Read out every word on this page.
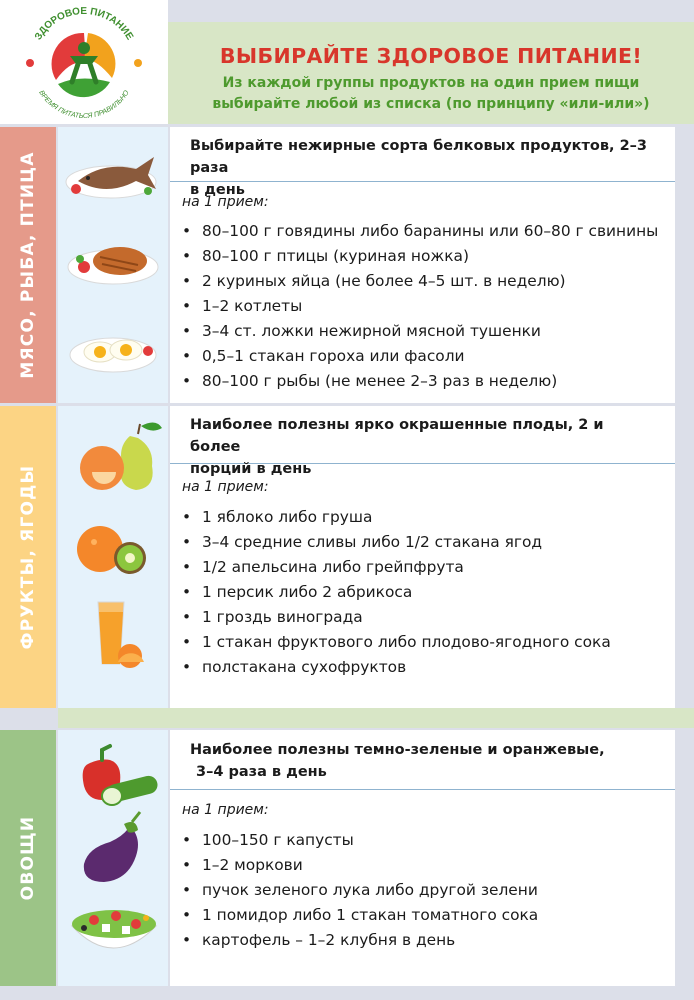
ЗДОРОВОЕ ПИТАНИЕ
ВРЕМЯ ПИТАТЬСЯ ПРАВИЛЬНО
ВЫБИРАЙТЕ ЗДОРОВОЕ ПИТАНИЕ!
Из каждой группы продуктов на один прием пищи
выбирайте любой из списка (по принципу «или-или»)
МЯСО, РЫБА, ПТИЦА
Выбирайте нежирные сорта белковых продуктов, 2–3 раза
в день
на 1 прием:
• 80–100 г говядины либо баранины или 60–80 г свинины
• 80–100 г птицы (куриная ножка)
• 2 куриных яйца (не более 4–5 шт. в неделю)
• 1–2 котлеты
• 3–4 ст. ложки нежирной мясной тушенки
• 0,5–1 стакан гороха или фасоли
• 80–100 г рыбы (не менее 2–3 раз в неделю)
ФРУКТЫ, ЯГОДЫ
Наиболее полезны ярко окрашенные плоды, 2 и более
порций в день
на 1 прием:
• 1 яблоко либо груша
• 3–4 средние сливы либо 1/2 стакана ягод
• 1/2 апельсина либо грейпфрута
• 1 персик либо 2 абрикоса
• 1 гроздь винограда
• 1 стакан фруктового либо плодово-ягодного сока
• полстакана сухофруктов
ОВОЩИ
Наиболее полезны темно-зеленые и оранжевые,
3–4 раза в день
на 1 прием:
• 100–150 г капусты
• 1–2 моркови
• пучок зеленого лука либо другой зелени
• 1 помидор либо 1 стакан томатного сока
• картофель – 1–2 клубня в день
